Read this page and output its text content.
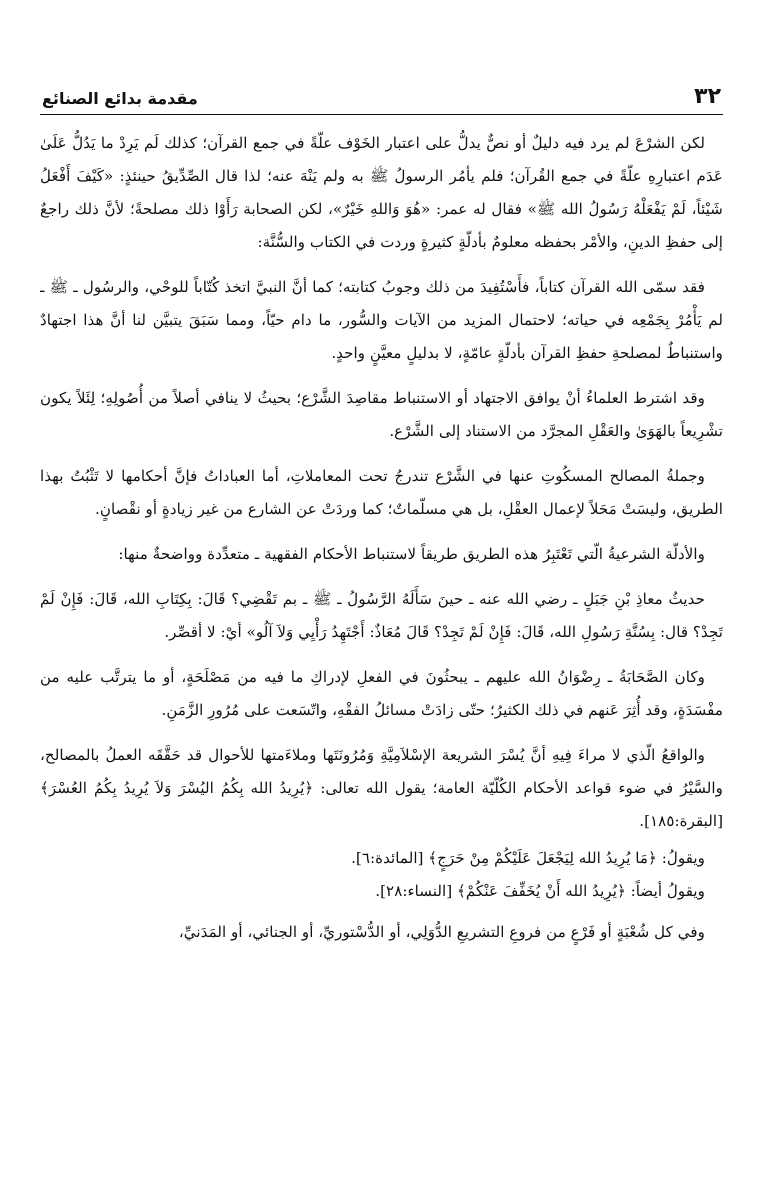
٣٢
مقدمة بدائع الصنائع

لكن الشرْعَ لم يرد فيه دليلٌ أو نصٌّ يدلُّ على اعتبار الخَوْف علّةً في جمع القرآن؛ كذلك لَم يَرِدْ ما يَدُلُّ عَلَىٰ عَدَم اعتبارِهِ علّةً في جمع القُرآن؛ فلم يأمُر الرسولُ ﷺ به ولم يَنْهَ عنه؛ لذا قال الصِّدِّيقُ حينئذٍ: «كَيْفَ أَفْعَلُ شَيْئاً، لَمْ يَفْعَلْهُ رَسُولُ الله ﷺ» فقال له عمر: «هُوَ وَاللهِ خَيْرٌ»، لكن الصحابة رَأَوْا ذلك مصلحةً؛ لأنَّ ذلك راجعٌ إلى حفظِ الدينِ، والأمْر بحفظه معلومٌ بأدلّةٍ كثيرةٍ وردت في الكتاب والسُّنَّة:

فقد سمّى الله القرآن كتاباً، فأَسْتُفِيدَ من ذلك وجوبُ كتابته؛ كما أنَّ النبيَّ اتخذ كُتّاباً للوحْي، والرسُول ـ ﷺ ـ لم يَأْمُرْ بِجَمْعِه في حياته؛ لاحتمال المزيد من الآيات والسُّور، ما دام حيّاً، ومما سَبَقَ يتبيَّن لنا أنَّ هذا اجتهادٌ واستنباطٌ لمصلحةِ حفظِ القرآن بأدلّةٍ عامّةٍ، لا بدليلٍ معيَّنٍ واحدٍ.

وقد اشترط العلماءُ أنْ يوافق الاجتهاد أو الاستنباط مقاصِدَ الشَّرْع؛ بحيثُ لا ينافي أصلاً من أُصُولِهِ؛ لِئَلاً يكون تشْرِيعاً بالهَوَىٰ والعَقْلِ المجرَّد من الاستناد إلى الشَّرْع.

وجملةُ المصالح المسكُوتِ عنها في الشَّرْع تندرجُ تحت المعاملاتِ، أما العباداتُ فإنَّ أحكامها لا تَثْبُتُ بهذا الطريق، وليسَتْ مَحَلاً لإعمال العقْلِ، بل هي مسلّماتٌ؛ كما وردَتْ عن الشارع من غير زيادةٍ أو نقْصانٍ.

والأدلّة الشرعيةُ الّتي تَعْتَبِرُ هذه الطريق طريقاً لاستنباط الأحكام الفقهية ـ متعدِّدة وواضحةٌ منها:

حديثُ معاذِ بْنِ جَبَلٍ ـ رضي الله عنه ـ حينَ سَأَلَهُ الرَّسُولُ ـ ﷺ ـ بم تَقْضِي؟ قَالَ: بِكِتَابِ الله، قَالَ: فَإِنْ لَمْ تَجِدْ؟ قال: بِسُنَّةِ رَسُولِ الله، قَالَ: فَإِنْ لَمْ تَجِدْ؟ قَالَ مُعَاذٌ: أَجْتَهِدُ رَأْيِي وَلاَ آلُو» أيْ: لا أقصِّر.

وكان الصَّحَابَةُ ـ رِضْوَانُ الله عليهم ـ يبحثُونَ في الفعلِ لإدراكِ ما فيه من مَصْلَحَةٍ، أو ما يترتَّب عليه من مفْسَدَةٍ، وقد أُثِرَ عَنهم في ذلك الكثيرُ؛ حتّى زادَتْ مسائلُ الفقْهِ، واتّسَعت على مُرُورِ الزَّمَنِ.

والواقعُ الّذي لا مراءَ فِيهِ أنَّ يُسْرَ الشريعة الإسْلاَمِيَّةِ وَمُرُونَتَها وملاءَمتها للأحوال قد حَقَّقَه العملُ بالمصالح، والسَّيْرُ في ضوء قواعد الأحكام الكُلّيّة العامة؛ يقول الله تعالى: ﴿يُرِيدُ الله بِكُمُ اليُسْرَ وَلاَ يُرِيدُ بِكُمُ العُسْرَ﴾ [البقرة:١٨٥].

ويقولُ: ﴿مَا يُرِيدُ الله لِيَجْعَلَ عَلَيْكُمْ مِنْ حَرَجٍ﴾ [المائدة:٦].

ويقولُ أيضاً: ﴿يُرِيدُ الله أَنْ يُخَفِّفَ عَنْكُمْ﴾ [النساء:٢٨].

وفي كل شُعْبَةٍ أو فَرْعٍ من فروعِ التشريعِ الدُّوَلِي، أو الدُّسْتوريِّ، أو الجنائي، أو المَدَنيِّ،
